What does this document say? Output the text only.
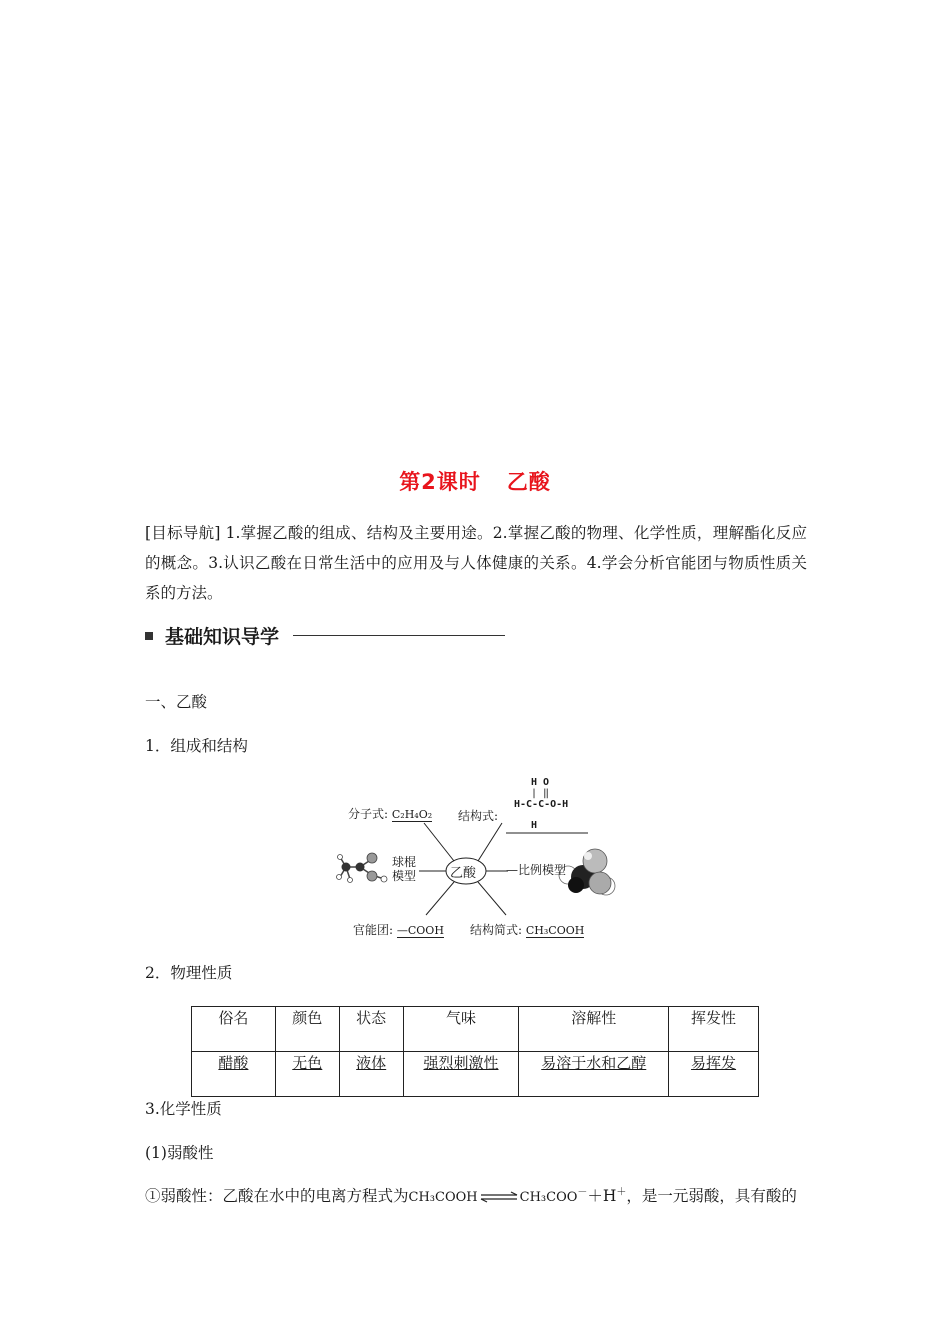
第2课时 乙酸
[目标导航] 1.掌握乙酸的组成、结构及主要用途。2.掌握乙酸的物理、化学性质，理解酯化反应的概念。3.认识乙酸在日常生活中的应用及与人体健康的关系。4.学会分析官能团与物质性质关系的方法。
基础知识导学
一、乙酸
1．组成和结构
乙酸
分子式: C₂H₄O₂ 结构式:
H O
| ‖
H-C-C-O-H
H
球棍
模型	—比例模型
官能团: —COOH 结构简式: CH₃COOH
2．物理性质
俗名	颜色	状态	气味	溶解性	挥发性
醋酸	无色	液体	强烈刺激性	易溶于水和乙醇	易挥发
3.化学性质
(1)弱酸性
①弱酸性：乙酸在水中的电离方程式为CH₃COOH⇌CH₃COO－＋H＋，是一元弱酸，具有酸的
